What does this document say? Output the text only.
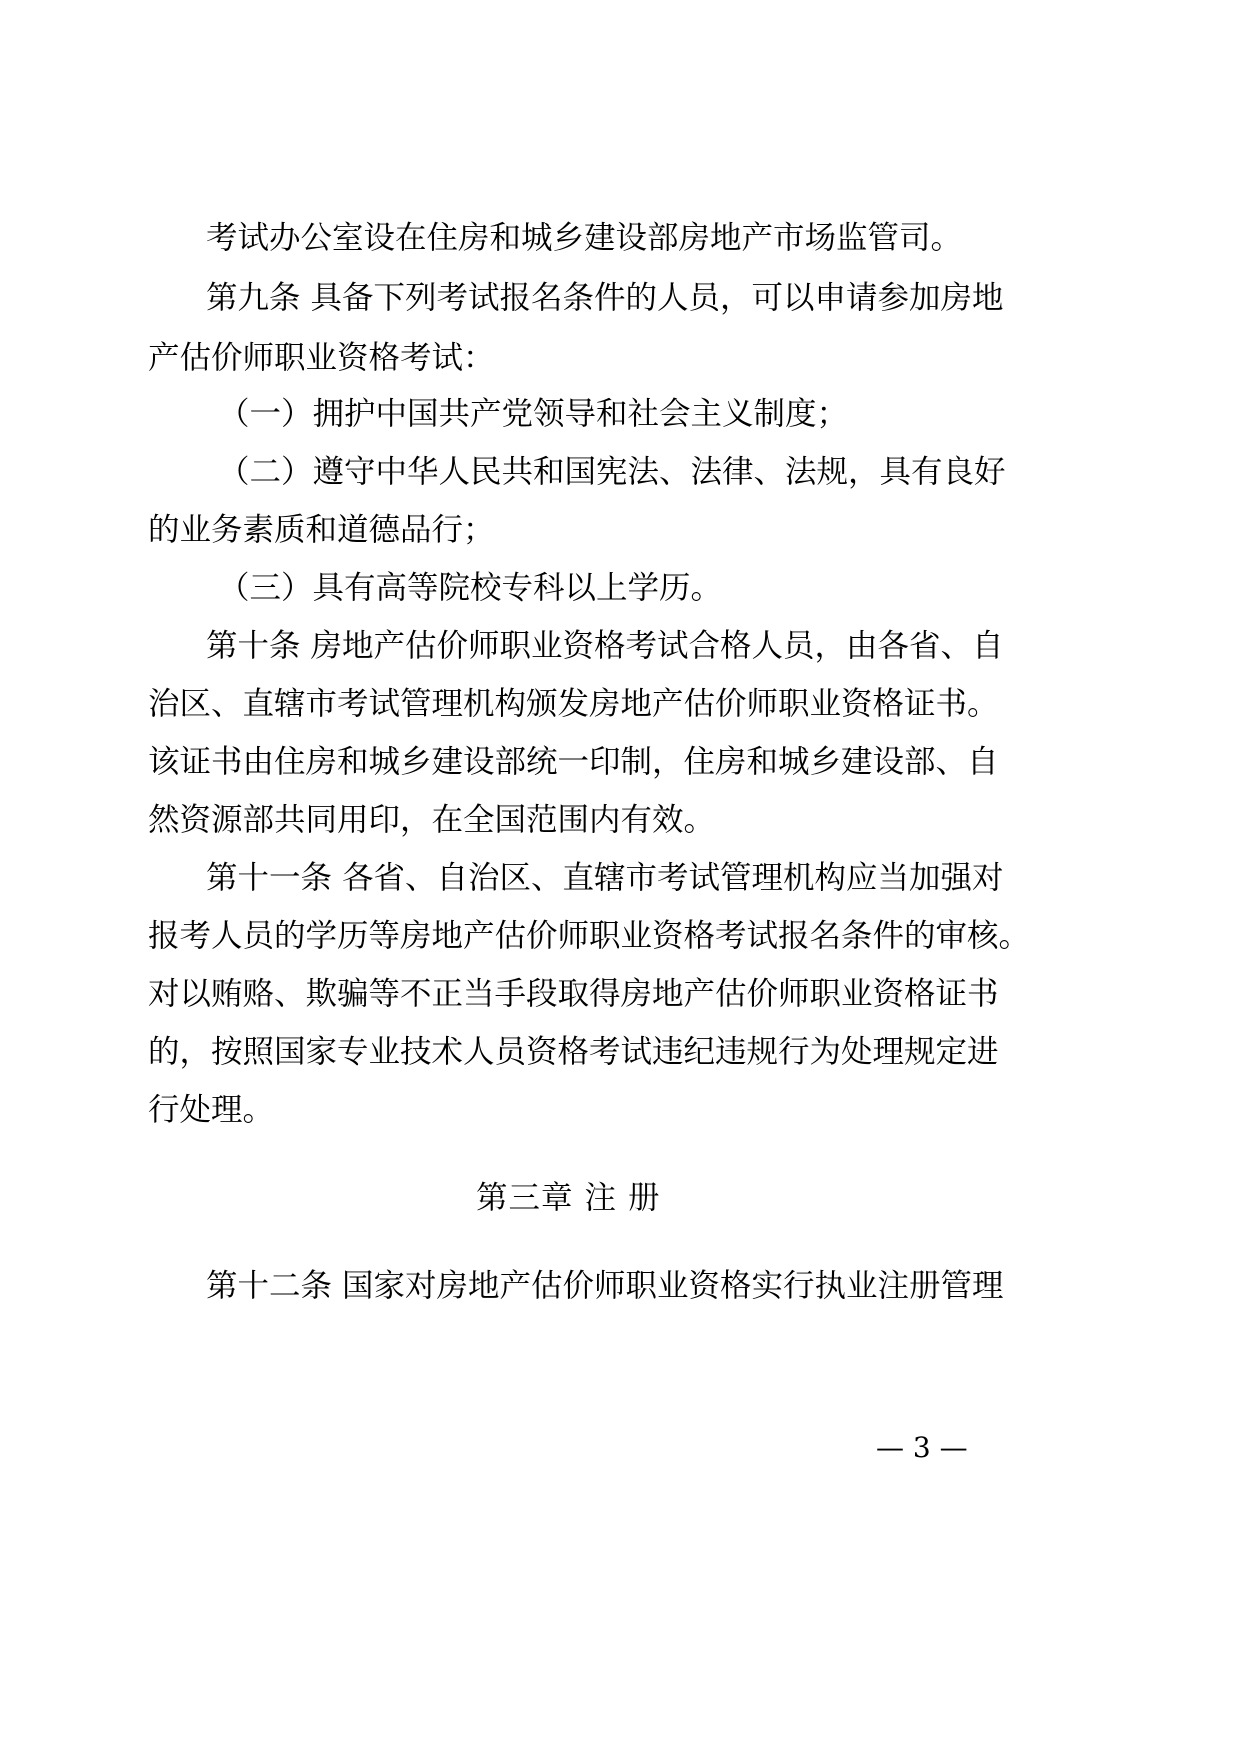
考试办公室设在住房和城乡建设部房地产市场监管司。
第九条 具备下列考试报名条件的人员，可以申请参加房地
产估价师职业资格考试：
（一）拥护中国共产党领导和社会主义制度；
（二）遵守中华人民共和国宪法、法律、法规，具有良好
的业务素质和道德品行；
（三）具有高等院校专科以上学历。
第十条 房地产估价师职业资格考试合格人员，由各省、自
治区、直辖市考试管理机构颁发房地产估价师职业资格证书。
该证书由住房和城乡建设部统一印制，住房和城乡建设部、自
然资源部共同用印，在全国范围内有效。
第十一条 各省、自治区、直辖市考试管理机构应当加强对
报考人员的学历等房地产估价师职业资格考试报名条件的审核。
对以贿赂、欺骗等不正当手段取得房地产估价师职业资格证书
的，按照国家专业技术人员资格考试违纪违规行为处理规定进
行处理。
第三章 注 册
第十二条 国家对房地产估价师职业资格实行执业注册管理
— 3 —
